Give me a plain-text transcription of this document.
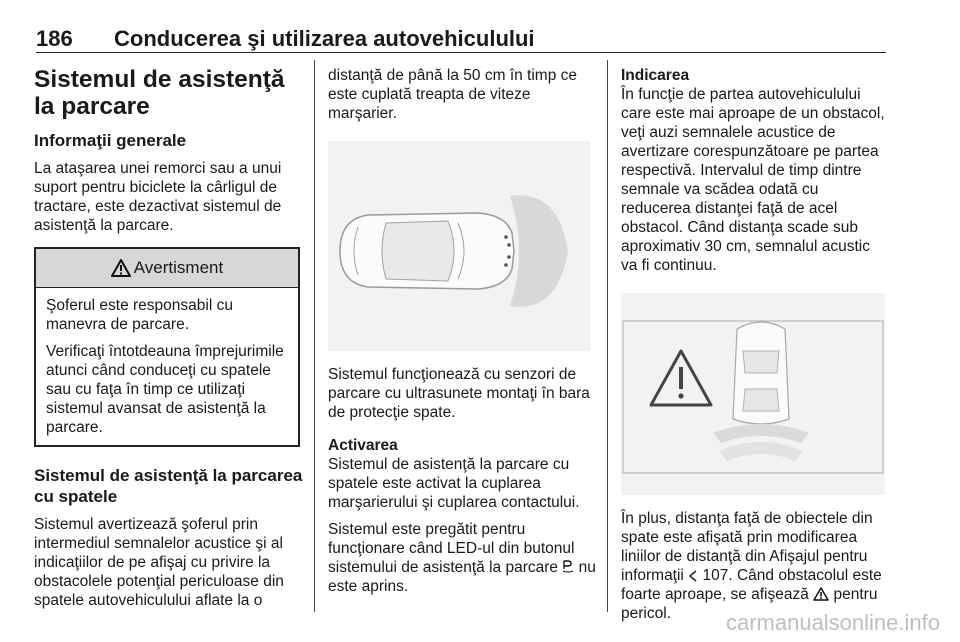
186 Conducerea şi utilizarea autovehiculului
Sistemul de asistenţă la parcare
Informaţii generale

La ataşarea unei remorci sau a unui suport pentru biciclete la cârligul de tractare, este dezactivat sistemul de asistenţă la parcare.

Avertisment

Şoferul este responsabil cu manevra de parcare.

Verificaţi întotdeauna împrejurimile atunci când conduceţi cu spatele sau cu faţa în timp ce utilizaţi sistemul avansat de asistenţă la parcare.

Sistemul de asistenţă la parcarea cu spatele

Sistemul avertizează şoferul prin intermediul semnalelor acustice şi al indicaţiilor de pe afişaj cu privire la obstacolele potenţial periculoase din spatele autovehiculului aflate la o

distanţă de până la 50 cm în timp ce este cuplată treapta de viteze marşarier.

Sistemul funcţionează cu senzori de parcare cu ultrasunete montaţi în bara de protecţie spate.

Activarea

Sistemul de asistenţă la parcare cu spatele este activat la cuplarea marşarierului şi cuplarea contactului.

Sistemul este pregătit pentru funcţionare când LED-ul din butonul sistemului de asistenţă la parcare nu este aprins.

Indicarea

În funcţie de partea autovehiculului care este mai aproape de un obstacol, veţi auzi semnalele acustice de avertizare corespunzătoare pe partea respectivă. Intervalul de timp dintre semnale va scădea odată cu reducerea distanţei faţă de acel obstacol. Când distanţa scade sub aproximativ 30 cm, semnalul acustic va fi continuu.

În plus, distanţa faţă de obiectele din spate este afişată prin modificarea liniilor de distanţă din Afişajul pentru informaţii 107. Când obstacolul este foarte aproape, se afişează pentru pericol.	carmanualsonline.info
